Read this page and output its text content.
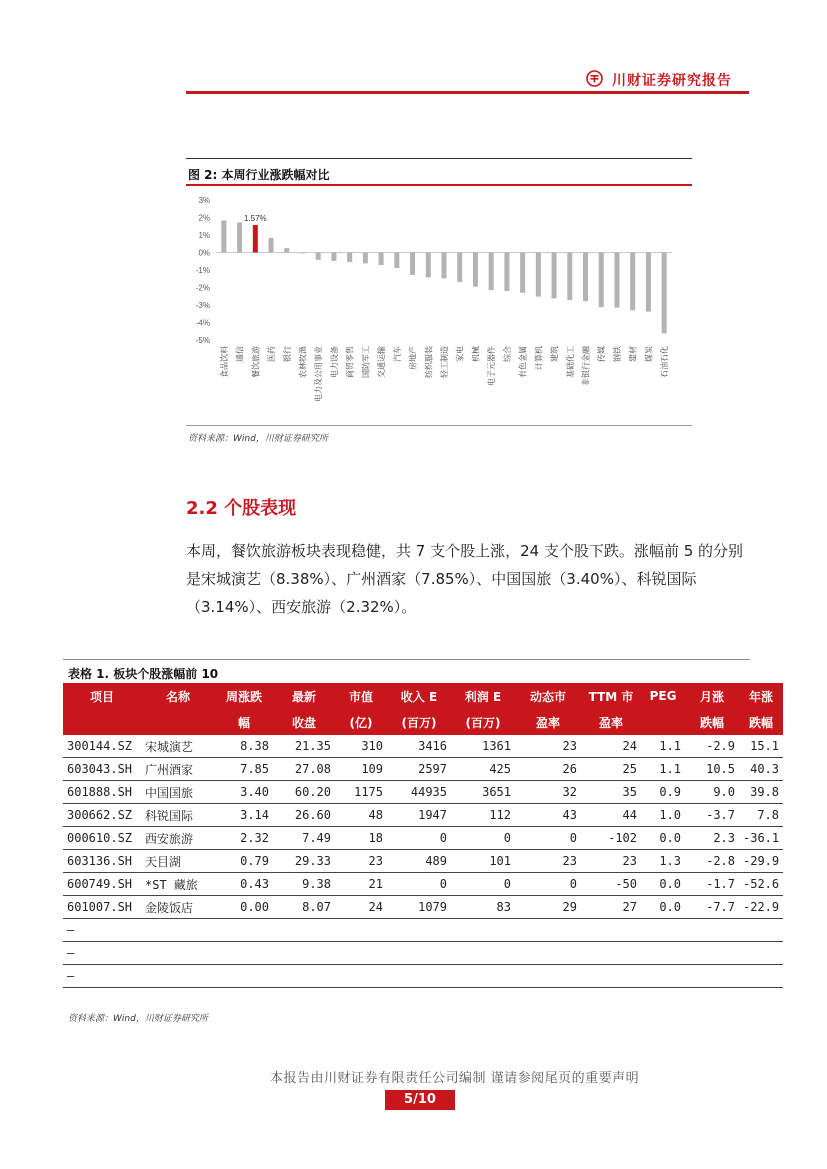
川财证券研究报告
图 2: 本周行业涨跌幅对比
3%
2%
1%
0%
-1%
-2%
-3%
-4%
-5%
1.57%
食品饮料 通信 餐饮旅游 医药 银行 农林牧渔 电力及公用事业 电力设备 商贸零售 国防军工 交通运输 汽车 房地产 纺织服装 轻工制造 家电 机械 电子元器件 综合 有色金属 计算机 建筑 基础化工 非银行金融 传媒 钢铁 建材 煤炭 石油石化
资料来源：Wind，川财证券研究所
2.2 个股表现
本周，餐饮旅游板块表现稳健，共 7 支个股上涨，24 支个股下跌。涨幅前 5 的分别是宋城演艺（8.38%）、广州酒家（7.85%）、中国国旅（3.40%）、科锐国际（3.14%）、西安旅游（2.32%）。
表格 1. 板块个股涨幅前 10
项目	名称	周涨跌	最新	市值	收入 E	利润 E	动态市	TTM 市	PEG	月涨	年涨
		幅	收盘	(亿)	(百万)	(百万)	盈率	盈率		跌幅	跌幅
300144.SZ	宋城演艺	8.38	21.35	310	3416	1361	23	24	1.1	-2.9	15.1
603043.SH	广州酒家	7.85	27.08	109	2597	425	26	25	1.1	10.5	40.3
601888.SH	中国国旅	3.40	60.20	1175	44935	3651	32	35	0.9	9.0	39.8
300662.SZ	科锐国际	3.14	26.60	48	1947	112	43	44	1.0	-3.7	7.8
000610.SZ	西安旅游	2.32	7.49	18	0	0	0	-102	0.0	2.3	-36.1
603136.SH	天目湖	0.79	29.33	23	489	101	23	23	1.3	-2.8	-29.9
600749.SH	*ST 藏旅	0.43	9.38	21	0	0	0	-50	0.0	-1.7	-52.6
601007.SH	金陵饭店	0.00	8.07	24	1079	83	29	27	0.0	-7.7	-22.9
—											
—											
—											
资料来源：Wind，川财证券研究所
本报告由川财证券有限责任公司编制 谨请参阅尾页的重要声明
5/10
